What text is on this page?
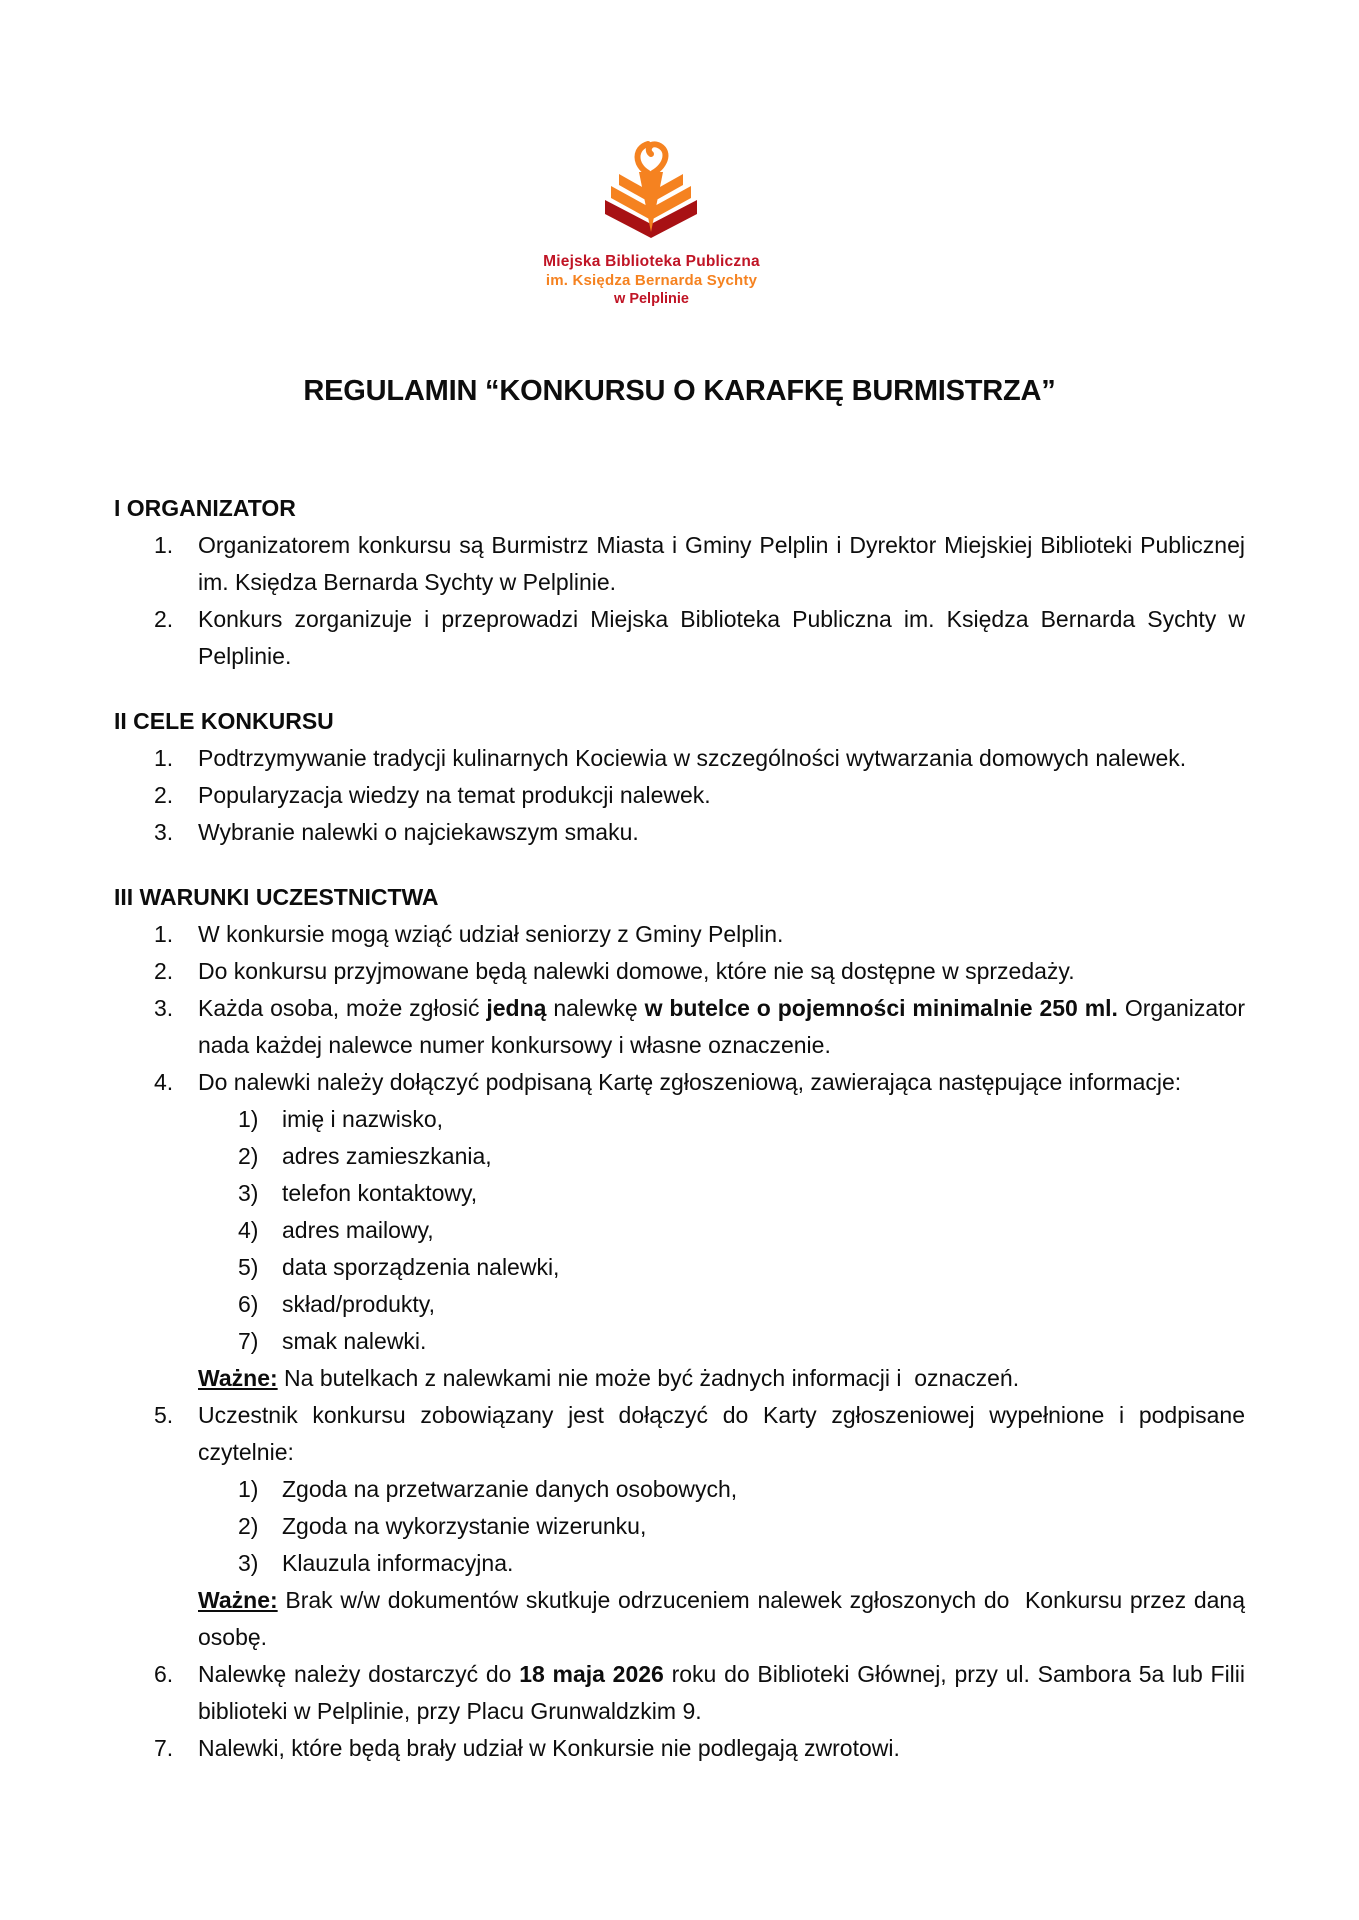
Miejska Biblioteka Publiczna
im. Księdza Bernarda Sychty
w Pelplinie
REGULAMIN “KONKURSU O KARAFKĘ BURMISTRZA”
I ORGANIZATOR
Organizatorem konkursu są Burmistrz Miasta i Gminy Pelplin i Dyrektor Miejskiej Biblioteki Publicznej im. Księdza Bernarda Sychty w Pelplinie.
Konkurs zorganizuje i przeprowadzi Miejska Biblioteka Publiczna im. Księdza Bernarda Sychty w Pelplinie.
II CELE KONKURSU
Podtrzymywanie tradycji kulinarnych Kociewia w szczególności wytwarzania domowych nalewek.
Popularyzacja wiedzy na temat produkcji nalewek.
Wybranie nalewki o najciekawszym smaku.
III WARUNKI UCZESTNICTWA
W konkursie mogą wziąć udział seniorzy z Gminy Pelplin.
Do konkursu przyjmowane będą nalewki domowe, które nie są dostępne w sprzedaży.
Każda osoba, może zgłosić jedną nalewkę w butelce o pojemności minimalnie 250 ml. Organizator nada każdej nalewce numer konkursowy i własne oznaczenie.
Do nalewki należy dołączyć podpisaną Kartę zgłoszeniową, zawierająca następujące informacje:
imię i nazwisko,
adres zamieszkania,
telefon kontaktowy,
adres mailowy,
data sporządzenia nalewki,
skład/produkty,
smak nalewki.
Ważne: Na butelkach z nalewkami nie może być żadnych informacji i  oznaczeń.
Uczestnik konkursu zobowiązany jest dołączyć do Karty zgłoszeniowej wypełnione i podpisane czytelnie:
Zgoda na przetwarzanie danych osobowych,
Zgoda na wykorzystanie wizerunku,
Klauzula informacyjna.
Ważne: Brak w/w dokumentów skutkuje odrzuceniem nalewek zgłoszonych do  Konkursu przez daną osobę.
Nalewkę należy dostarczyć do 18 maja 2026 roku do Biblioteki Głównej, przy ul. Sambora 5a lub Filii biblioteki w Pelplinie, przy Placu Grunwaldzkim 9.
Nalewki, które będą brały udział w Konkursie nie podlegają zwrotowi.
